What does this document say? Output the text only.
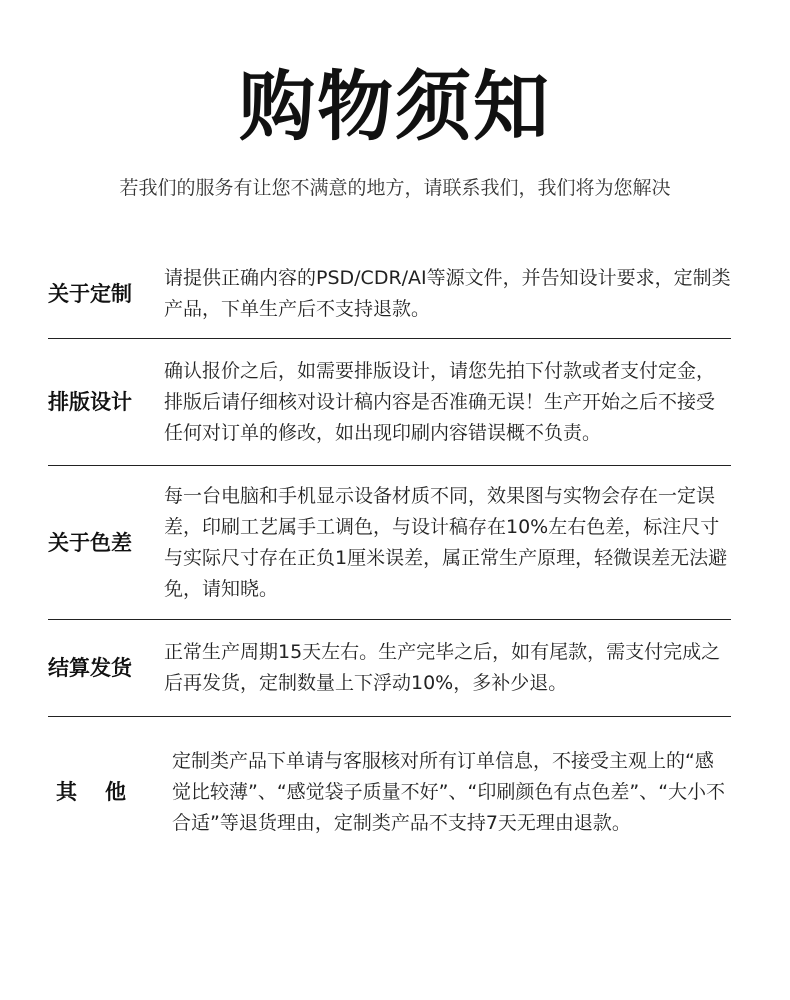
购物须知
若我们的服务有让您不满意的地方，请联系我们，我们将为您解决
关于定制
请提供正确内容的PSD/CDR/AI等源文件，并告知设计要求，定制类产品，下单生产后不支持退款。
排版设计
确认报价之后，如需要排版设计，请您先拍下付款或者支付定金，排版后请仔细核对设计稿内容是否准确无误！生产开始之后不接受任何对订单的修改，如出现印刷内容错误概不负责。
关于色差
每一台电脑和手机显示设备材质不同，效果图与实物会存在一定误差，印刷工艺属手工调色，与设计稿存在10%左右色差，标注尺寸与实际尺寸存在正负1厘米误差，属正常生产原理，轻微误差无法避免，请知晓。
结算发货
正常生产周期15天左右。生产完毕之后，如有尾款，需支付完成之后再发货，定制数量上下浮动10%，多补少退。
其他
定制类产品下单请与客服核对所有订单信息，不接受主观上的“感觉比较薄”、“感觉袋子质量不好”、“印刷颜色有点色差”、“大小不合适”等退货理由，定制类产品不支持7天无理由退款。
